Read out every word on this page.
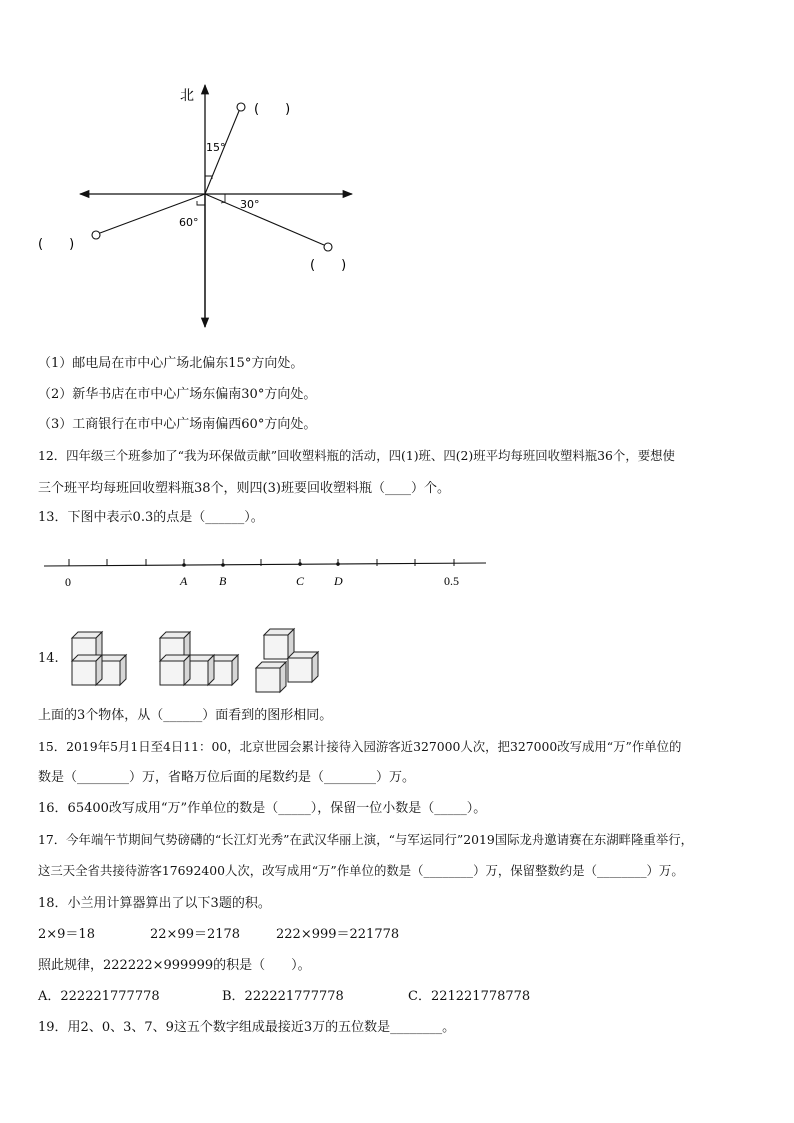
北
(　　)
15°
(　　)
30°
(　　)
60°
（1）邮电局在市中心广场北偏东15°方向处。
（2）新华书店在市中心广场东偏南30°方向处。
（3）工商银行在市中心广场南偏西60°方向处。
12．四年级三个班参加了“我为环保做贡献”回收塑料瓶的活动，四(1)班、四(2)班平均每班回收塑料瓶36个，要想使
三个班平均每班回收塑料瓶38个，则四(3)班要回收塑料瓶（____）个。
13．下图中表示0.3的点是（______）。
0	A	B	C D	0.5
14.
上面的3个物体，从（______）面看到的图形相同。
15．2019年5月1日至4日11：00，北京世园会累计接待入园游客近327000人次，把327000改写成用“万”作单位的
数是（________）万，省略万位后面的尾数约是（________）万。
16．65400改写成用“万”作单位的数是（_____），保留一位小数是（_____）。
17．今年端午节期间气势磅礴的“长江灯光秀”在武汉华丽上演，“与军运同行”2019国际龙舟邀请赛在东湖畔隆重举行，
这三天全省共接待游客17692400人次，改写成用“万”作单位的数是（________）万，保留整数约是（________）万。
18．小兰用计算器算出了以下3题的积。
2×9＝18	22×99＝2178	222×999＝221778
照此规律，222222×999999的积是（　　）。
A．222221777778	B．222221777778	C．221221778778
19．用2、0、3、7、9这五个数字组成最接近3万的五位数是________。
